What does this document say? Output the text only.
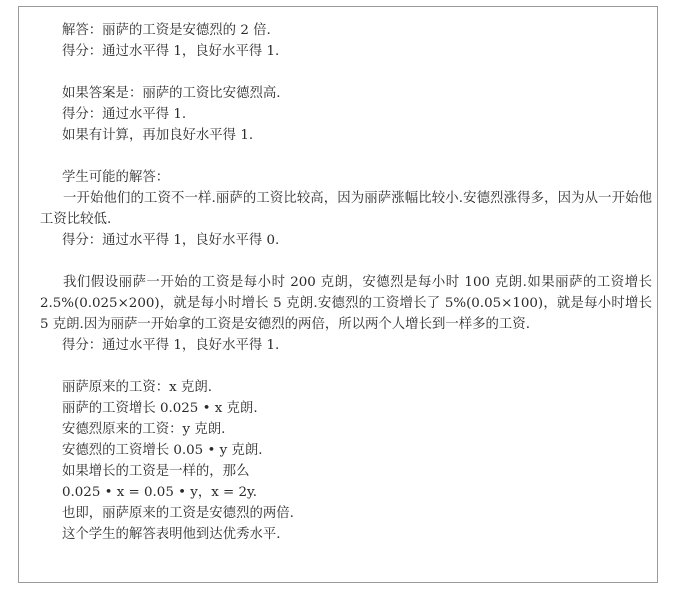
解答：丽萨的工资是安德烈的 2 倍.
得分：通过水平得 1，良好水平得 1.
如果答案是：丽萨的工资比安德烈高.
得分：通过水平得 1.
如果有计算，再加良好水平得 1.
学生可能的解答：
一开始他们的工资不一样.丽萨的工资比较高，因为丽萨涨幅比较小.安德烈涨得多，因为从一开始他工资比较低.
得分：通过水平得 1，良好水平得 0.
我们假设丽萨一开始的工资是每小时 200 克朗，安德烈是每小时 100 克朗.如果丽萨的工资增长 2.5%(0.025×200)，就是每小时增长 5 克朗.安德烈的工资增长了 5%(0.05×100)，就是每小时增长 5 克朗.因为丽萨一开始拿的工资是安德烈的两倍，所以两个人增长到一样多的工资.
得分：通过水平得 1，良好水平得 1.
丽萨原来的工资：x 克朗.
丽萨的工资增长 0.025 • x 克朗.
安德烈原来的工资：y 克朗.
安德烈的工资增长 0.05 • y 克朗.
如果增长的工资是一样的，那么
0.025 • x = 0.05 • y，x = 2y.
也即，丽萨原来的工资是安德烈的两倍.
这个学生的解答表明他到达优秀水平.
